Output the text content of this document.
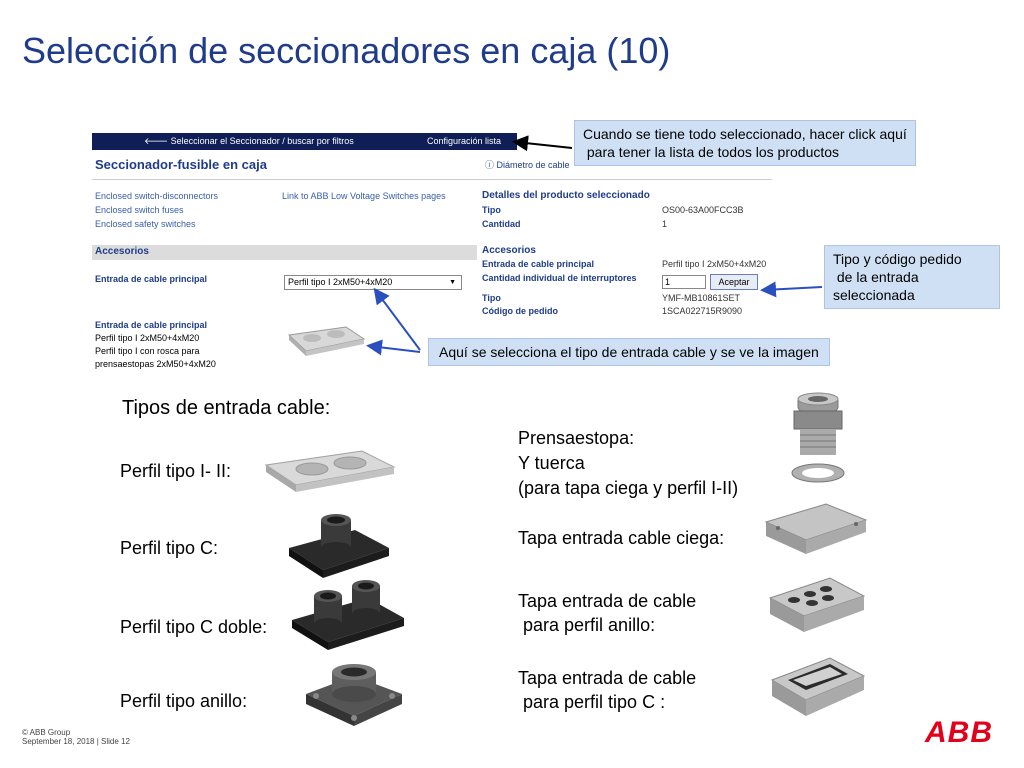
Selección de seccionadores en caja (10)
🡐 Seleccionar el Seccionador / buscar por filtros	Configuración lista
Seccionador-fusible en caja	ⓘ Diámetro de cable
Enclosed switch-disconnectors
Enclosed switch fuses
Enclosed safety switches
Link to ABB Low Voltage Switches pages
Accesorios
Entrada de cable principal	Perfil tipo I 2xM50+4xM20	▼
Entrada de cable principal
Perfil tipo I 2xM50+4xM20
Perfil tipo I con rosca para
prensaestopas 2xM50+4xM20
Detalles del producto seleccionado
Tipo	OS00-63A00FCC3B
Cantidad	1
Accesorios
Entrada de cable principal	Perfil tipo I 2xM50+4xM20
Cantidad individual de interruptores	1	Aceptar
Tipo	YMF-MB10861SET
Código de pedido	1SCA022715R9090
Cuando se tiene todo seleccionado, hacer click aquí
para tener la lista de todos los productos
Tipo y código pedido
de la entrada
seleccionada
Aquí se selecciona el tipo de entrada cable y se ve la imagen
Tipos de entrada cable:
Perfil tipo I- II:
Perfil tipo C:
Perfil tipo C doble:
Perfil tipo anillo:
Prensaestopa:
Y tuerca
(para tapa ciega y perfil I-II)
Tapa entrada cable ciega:
Tapa entrada de cable
para perfil anillo:
Tapa entrada de cable
para perfil tipo C :
© ABB Group
September 18, 2018 | Slide 12	ABB
